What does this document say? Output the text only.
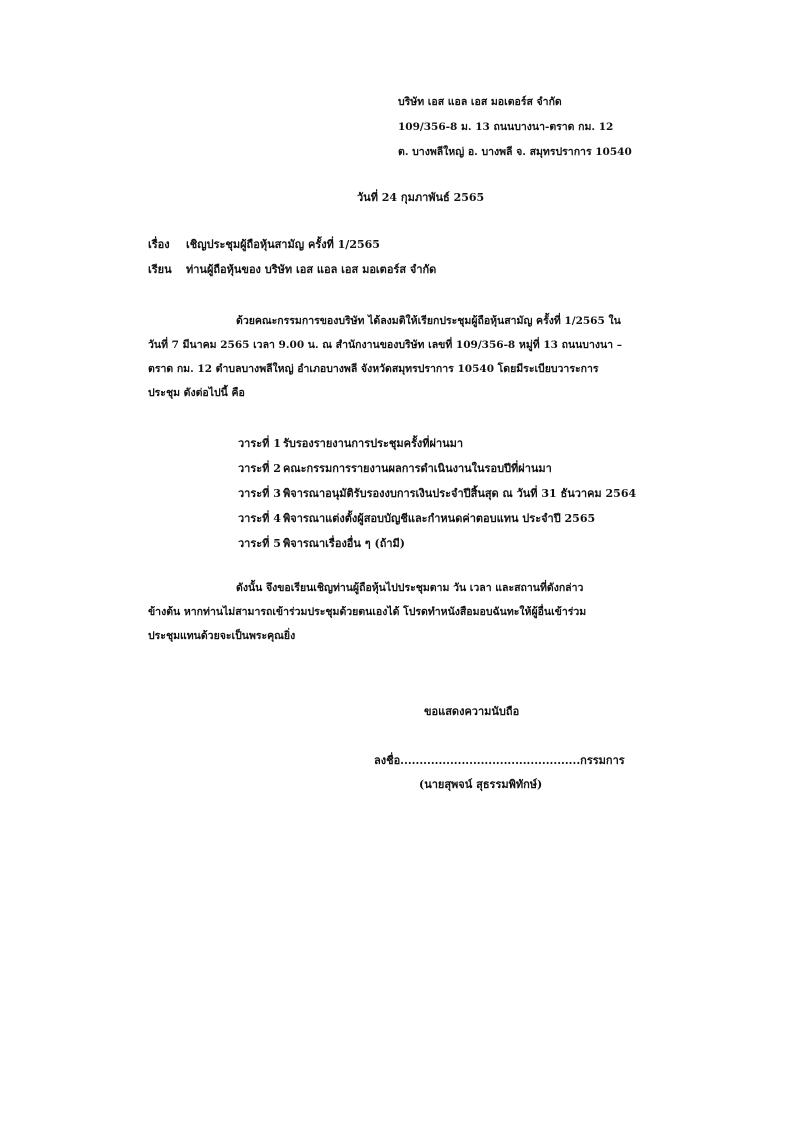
บริษัท เอส แอล เอส มอเตอร์ส จำกัด
109/356-8 ม. 13 ถนนบางนา-ตราด กม. 12
ต. บางพลีใหญ่ อ. บางพลี จ. สมุทรปราการ 10540
วันที่ 24 กุมภาพันธ์ 2565
เรื่อง เชิญประชุมผู้ถือหุ้นสามัญ ครั้งที่ 1/2565
เรียน ท่านผู้ถือหุ้นของ บริษัท เอส แอล เอส มอเตอร์ส จำกัด
ด้วยคณะกรรมการของบริษัท ได้ลงมติให้เรียกประชุมผู้ถือหุ้นสามัญ ครั้งที่ 1/2565 ใน
วันที่ 7 มีนาคม 2565 เวลา 9.00 น. ณ สำนักงานของบริษัท เลขที่ 109/356-8 หมู่ที่ 13 ถนนบางนา –
ตราด กม. 12 ตำบลบางพลีใหญ่ อำเภอบางพลี จังหวัดสมุทรปราการ 10540 โดยมีระเบียบวาระการ
ประชุม ดังต่อไปนี้ คือ
วาระที่ 1 รับรองรายงานการประชุมครั้งที่ผ่านมา
วาระที่ 2 คณะกรรมการรายงานผลการดำเนินงานในรอบปีที่ผ่านมา
วาระที่ 3 พิจารณาอนุมัติรับรองงบการเงินประจำปีสิ้นสุด ณ วันที่ 31 ธันวาคม 2564
วาระที่ 4 พิจารณาแต่งตั้งผู้สอบบัญชีและกำหนดค่าตอบแทน ประจำปี 2565
วาระที่ 5 พิจารณาเรื่องอื่น ๆ (ถ้ามี)
ดังนั้น จึงขอเรียนเชิญท่านผู้ถือหุ้นไปประชุมตาม วัน เวลา และสถานที่ดังกล่าว
ข้างต้น หากท่านไม่สามารถเข้าร่วมประชุมด้วยตนเองได้ โปรดทำหนังสือมอบฉันทะให้ผู้อื่นเข้าร่วม
ประชุมแทนด้วยจะเป็นพระคุณยิ่ง
ขอแสดงความนับถือ
ลงชื่อ...............................................กรรมการ
(นายสุพจน์ สุธรรมพิทักษ์)
